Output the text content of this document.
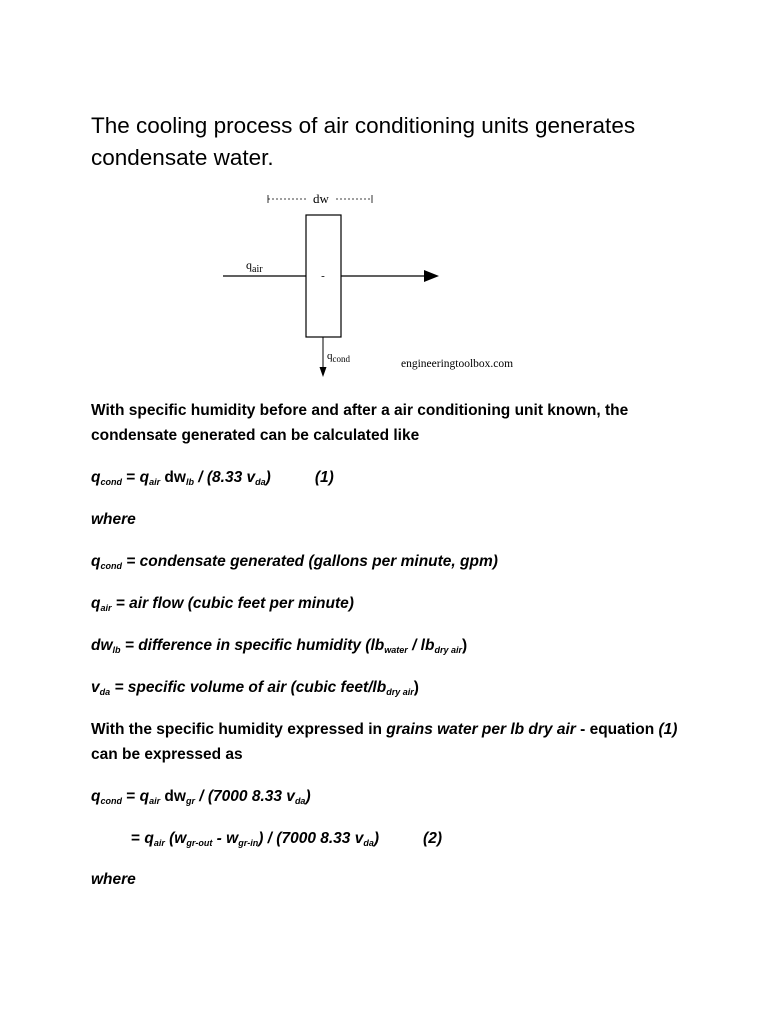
The cooling process of air conditioning units generates condensate water.

dw
-
$q_{air}$
$q_{cond}$	engineeringtoolbox.com

With specific humidity before and after a air conditioning unit known, the condensate generated can be calculated like

$q_{cond} = q_{air}$ $dw_{lb} / (8.33$ $v_{da}$)	(1)

where

$q_{cond}$ = condensate generated (gallons per minute, gpm)

$q_{air}$ = air flow (cubic feet per minute)

$dw_{lb}$ = difference in specific humidity $(lb_{water} / lb_{dry air})$

$v_{da}$ = specific volume of air (cubic feet/$lb_{dry air}$)

With the specific humidity expressed in grains water per lb dry air - equation (1) can be expressed as

$q_{cond} = q_{air}$ $dw_{gr} / (7000$ 8.33 $v_{da}$)

= $q_{air}$ $(w_{gr-out} - w_{gr-in}) / (7000$ 8.33 $v_{da}$)	(2)

where
